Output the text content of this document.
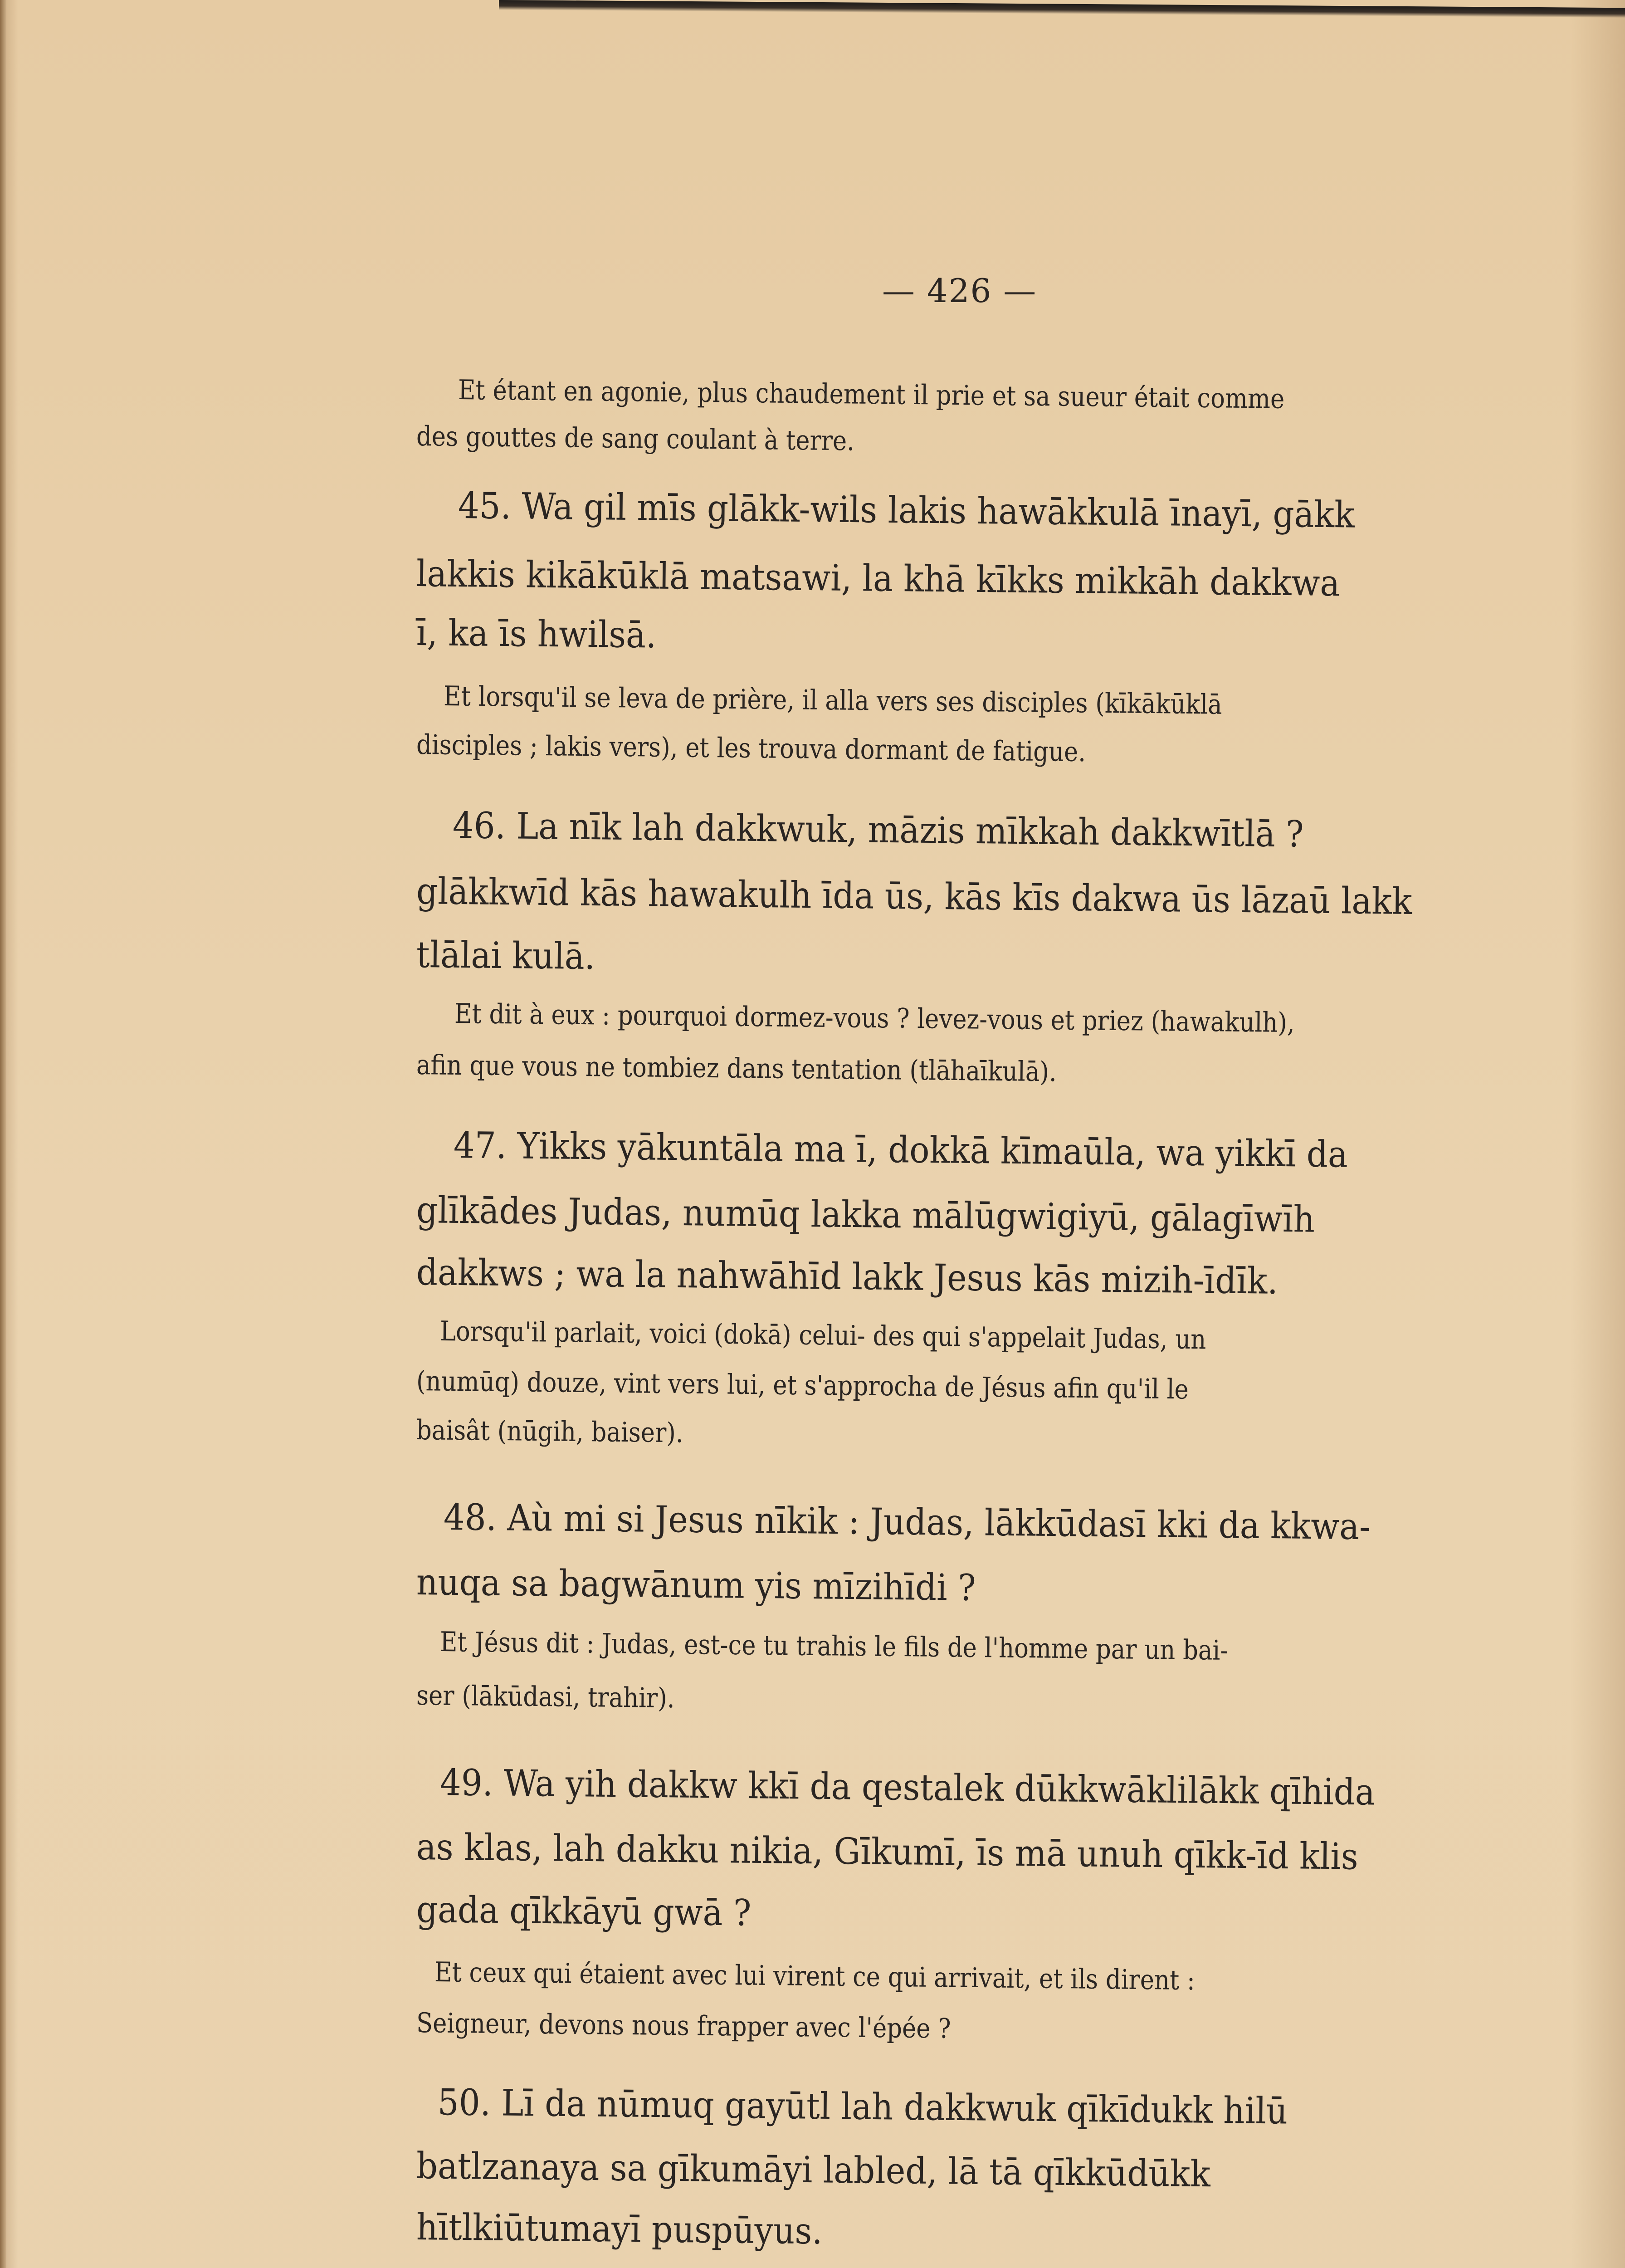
— 426 —
Et étant en agonie, plus chaudement il prie et sa sueur était comme
des gouttes de sang coulant à terre.
45. Wa gil mīs glākk-wils lakis hawākkulā īnayī, gākk
lakkis kikākūklā matsawi, la khā kīkks mikkāh dakkwa
ī, ka īs hwilsā.
Et lorsqu'il se leva de prière, il alla vers ses disciples (kīkākūklā
disciples ; lakis vers), et les trouva dormant de fatigue.
46. La nīk lah dakkwuk, māzis mīkkah dakkwītlā ?
glākkwīd kās hawakulh īda ūs, kās kīs dakwa ūs lāzaū lakk
tlālai kulā.
Et dit à eux : pourquoi dormez-vous ? levez-vous et priez (hawakulh),
afin que vous ne tombiez dans tentation (tlāhaīkulā).
47. Yikks yākuntāla ma ī, dokkā kīmaūla, wa yikkī da
glīkādes Judas, numūq lakka mālūgwigiyū, gālagīwīh
dakkws ; wa la nahwāhīd lakk Jesus kās mizih-īdīk.
Lorsqu'il parlait, voici (dokā) celui- des qui s'appelait Judas, un
(numūq) douze, vint vers lui, et s'approcha de Jésus afin qu'il le
baisât (nūgih, baiser).
48. Aù mi si Jesus nīkik : Judas, lākkūdasī kki da kkwa-
nuqa sa bagwānum yis mīzihīdi ?
Et Jésus dit : Judas, est-ce tu trahis le fils de l'homme par un bai-
ser (lākūdasi, trahir).
49. Wa yih dakkw kkī da qestalek dūkkwāklilākk qīhida
as klas, lah dakku nikia, Gīkumī, īs mā unuh qīkk-īd klis
gada qīkkāyū gwā ?
Et ceux qui étaient avec lui virent ce qui arrivait, et ils dirent :
Seigneur, devons nous frapper avec l'épée ?
50. Lī da nūmuq gayūtl lah dakkwuk qīkīdukk hilū
batlzanaya sa gīkumāyi labled, lā tā qīkkūdūkk
hītlkiūtumayī puspūyus.
